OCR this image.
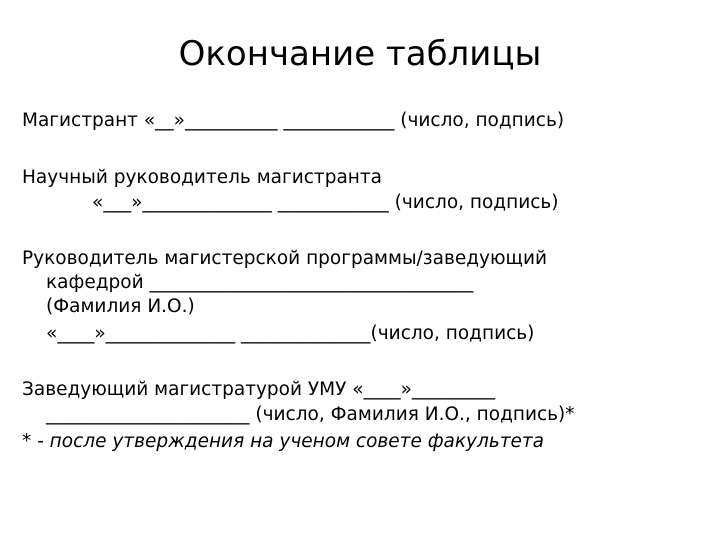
Окончание таблицы
Магистрант «__»__________ ____________ (число, подпись)
Научный руководитель магистранта
«___»______________ ____________ (число, подпись)
Руководитель магистерской программы/заведующий
кафедрой ___________________________________
(Фамилия И.О.)
«____»______________ ______________(число, подпись)
Заведующий магистратурой УМУ «____»_________
______________________ (число, Фамилия И.О., подпись)*
* - после утверждения на ученом совете факультета
